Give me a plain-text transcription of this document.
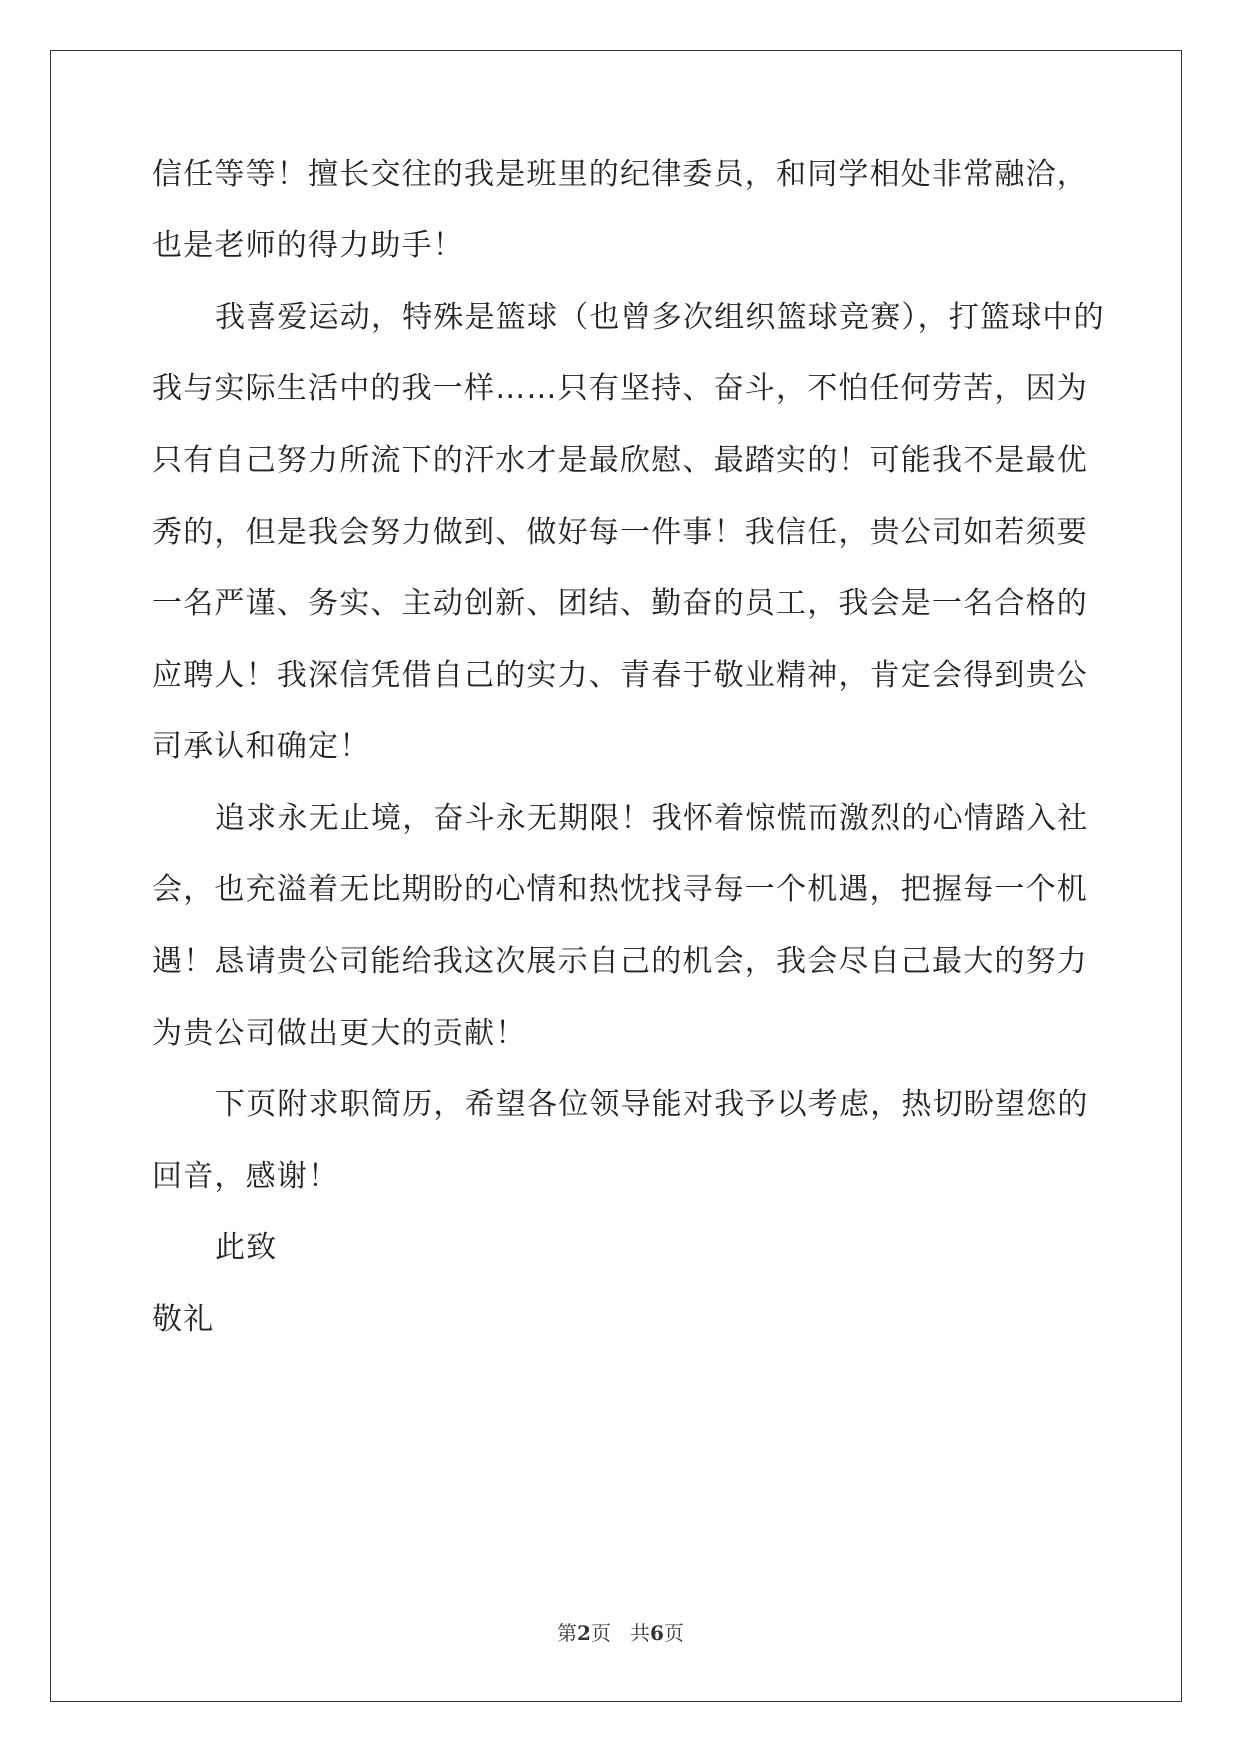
信任等等！擅长交往的我是班里的纪律委员，和同学相处非常融洽，
也是老师的得力助手！
我喜爱运动，特殊是篮球（也曾多次组织篮球竞赛），打篮球中的
我与实际生活中的我一样……只有坚持、奋斗，不怕任何劳苦，因为
只有自己努力所流下的汗水才是最欣慰、最踏实的！可能我不是最优
秀的，但是我会努力做到、做好每一件事！我信任，贵公司如若须要
一名严谨、务实、主动创新、团结、勤奋的员工，我会是一名合格的
应聘人！我深信凭借自己的实力、青春于敬业精神，肯定会得到贵公
司承认和确定！
追求永无止境，奋斗永无期限！我怀着惊慌而激烈的心情踏入社
会，也充溢着无比期盼的心情和热忱找寻每一个机遇，把握每一个机
遇！恳请贵公司能给我这次展示自己的机会，我会尽自己最大的努力
为贵公司做出更大的贡献！
下页附求职简历，希望各位领导能对我予以考虑，热切盼望您的
回音，感谢！
此致
敬礼
第2页 共6页
